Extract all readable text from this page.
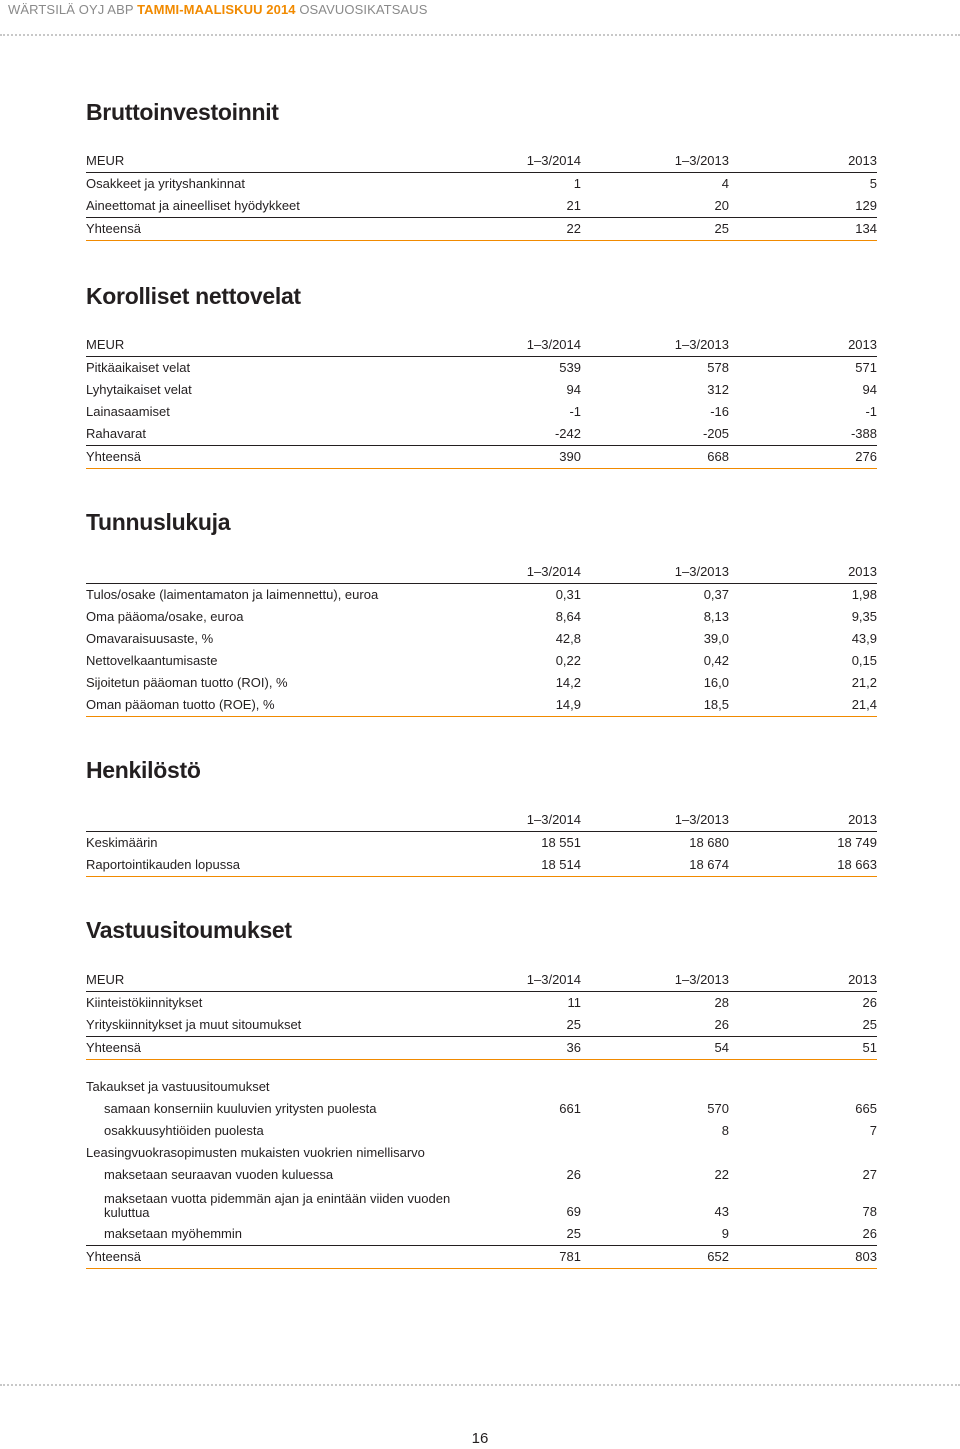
WÄRTSILÄ OYJ ABP TAMMI-MAALISKUU 2014 OSAVUOSIKATSAUS
Bruttoinvestoinnit
MEUR	1–3/2014	1–3/2013	2013
Osakkeet ja yrityshankinnat	1	4	5
Aineettomat ja aineelliset hyödykkeet	21	20	129
Yhteensä	22	25	134
Korolliset nettovelat
MEUR	1–3/2014	1–3/2013	2013
Pitkäaikaiset velat	539	578	571
Lyhytaikaiset velat	94	312	94
Lainasaamiset	-1	-16	-1
Rahavarat	-242	-205	-388
Yhteensä	390	668	276
Tunnuslukuja
	1–3/2014	1–3/2013	2013
Tulos/osake (laimentamaton ja laimennettu), euroa	0,31	0,37	1,98
Oma pääoma/osake, euroa	8,64	8,13	9,35
Omavaraisuusaste, %	42,8	39,0	43,9
Nettovelkaantumisaste	0,22	0,42	0,15
Sijoitetun pääoman tuotto (ROI), %	14,2	16,0	21,2
Oman pääoman tuotto (ROE), %	14,9	18,5	21,4
Henkilöstö
	1–3/2014	1–3/2013	2013
Keskimäärin	18 551	18 680	18 749
Raportointikauden lopussa	18 514	18 674	18 663
Vastuusitoumukset
MEUR	1–3/2014	1–3/2013	2013
Kiinteistökiinnitykset	11	28	26
Yrityskiinnitykset ja muut sitoumukset	25	26	25
Yhteensä	36	54	51

Takaukset ja vastuusitoumukset			
samaan konserniin kuuluvien yritysten puolesta	661	570	665
osakkuusyhtiöiden puolesta		8	7
Leasingvuokrasopimusten mukaisten vuokrien nimellisarvo			
maksetaan seuraavan vuoden kuluessa	26	22	27
maksetaan vuotta pidemmän ajan ja enintään viiden vuoden kuluttua	69	43	78
maksetaan myöhemmin	25	9	26
Yhteensä	781	652	803
16
